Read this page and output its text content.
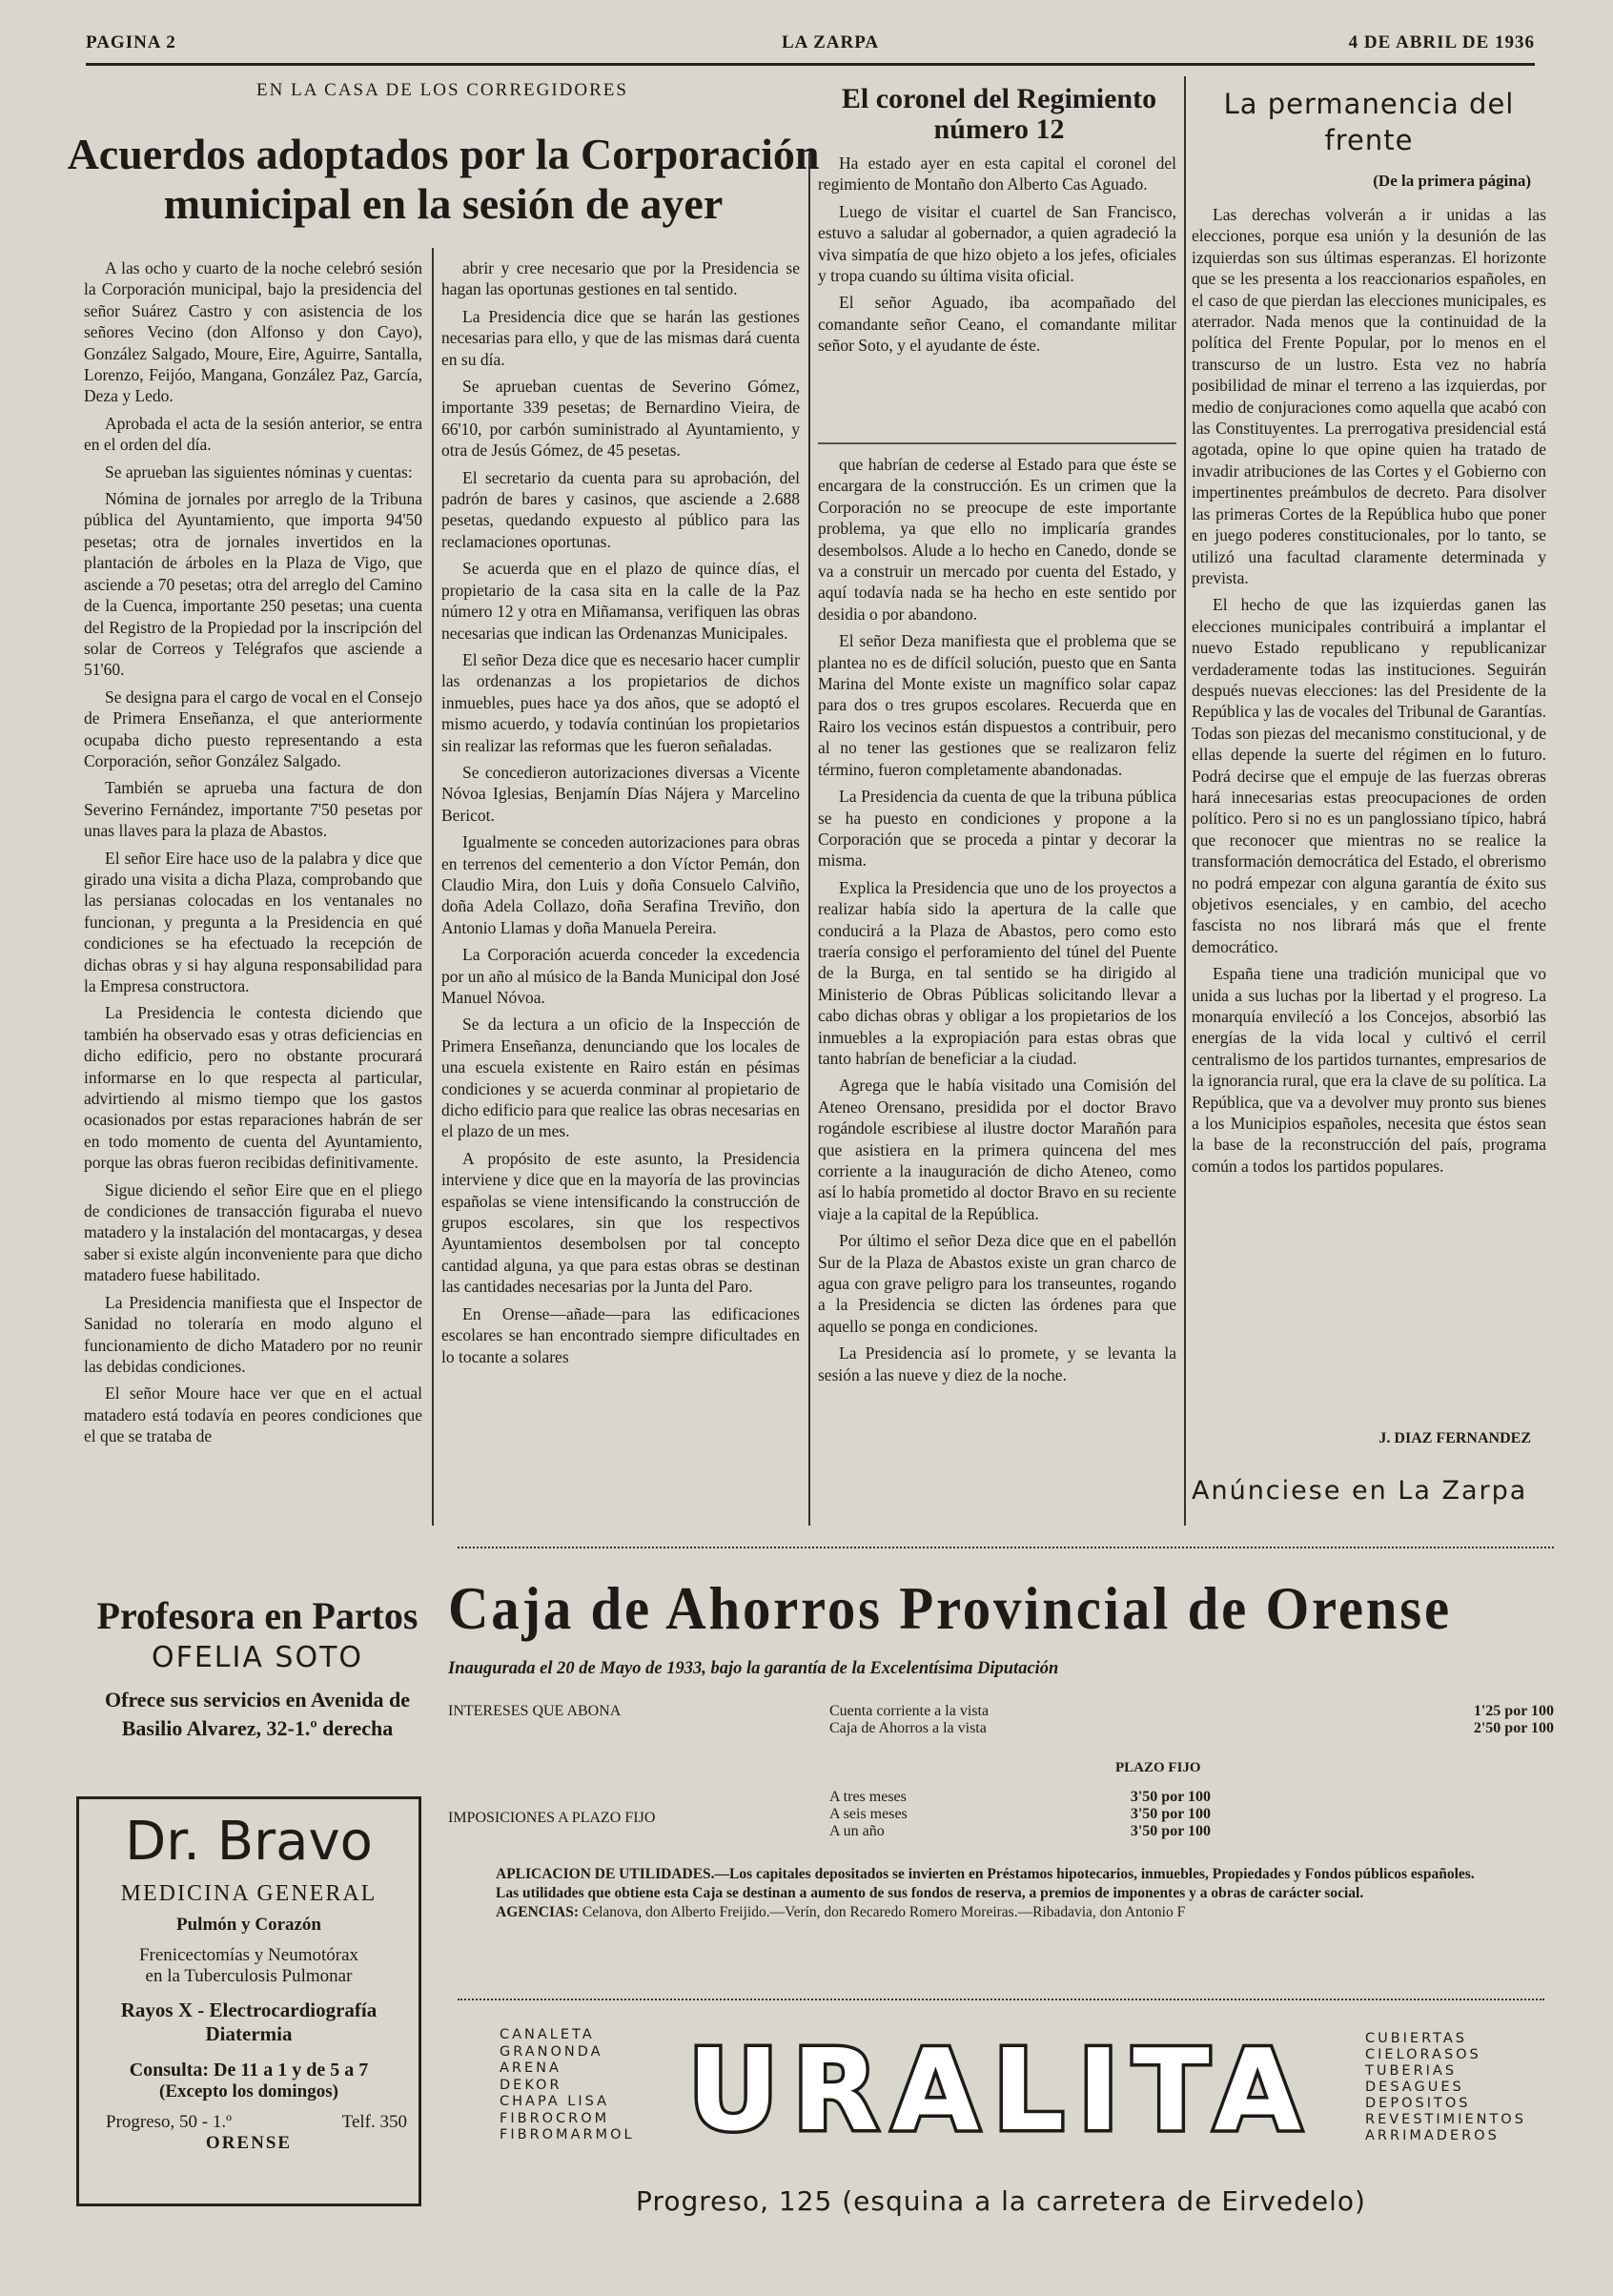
PAGINA 2	LA ZARPA	4 DE ABRIL DE 1936
EN LA CASA DE LOS CORREGIDORES
Acuerdos adoptados por la Corporación municipal en la sesión de ayer

A las ocho y cuarto de la noche celebró sesión la Corporación municipal, bajo la presidencia del señor Suárez Castro y con asistencia de los señores Vecino (don Alfonso y don Cayo), González Salgado, Moure, Eire, Aguirre, Santalla, Lorenzo, Feijóo, Mangana, González Paz, García, Deza y Ledo.

Aprobada el acta de la sesión anterior, se entra en el orden del día.

Se aprueban las siguientes nóminas y cuentas:

Nómina de jornales por arreglo de la Tribuna pública del Ayuntamiento, que importa 94'50 pesetas; otra de jornales invertidos en la plantación de árboles en la Plaza de Vigo, que asciende a 70 pesetas; otra del arreglo del Camino de la Cuenca, importante 250 pesetas; una cuenta del Registro de la Propiedad por la inscripción del solar de Correos y Telégrafos que asciende a 51'60.

Se designa para el cargo de vocal en el Consejo de Primera Enseñanza, el que anteriormente ocupaba dicho puesto representando a esta Corporación, señor González Salgado.

También se aprueba una factura de don Severino Fernández, importante 7'50 pesetas por unas llaves para la plaza de Abastos.

El señor Eire hace uso de la palabra y dice que girado una visita a dicha Plaza, comprobando que las persianas colocadas en los ventanales no funcionan, y pregunta a la Presidencia en qué condiciones se ha efectuado la recepción de dichas obras y si hay alguna responsabilidad para la Empresa constructora.

La Presidencia le contesta diciendo que también ha observado esas y otras deficiencias en dicho edificio, pero no obstante procurará informarse en lo que respecta al particular, advirtiendo al mismo tiempo que los gastos ocasionados por estas reparaciones habrán de ser en todo momento de cuenta del Ayuntamiento, porque las obras fueron recibidas definitivamente.

Sigue diciendo el señor Eire que en el pliego de condiciones de transacción figuraba el nuevo matadero y la instalación del montacargas, y desea saber si existe algún inconveniente para que dicho matadero fuese habilitado.

La Presidencia manifiesta que el Inspector de Sanidad no toleraría en modo alguno el funcionamiento de dicho Matadero por no reunir las debidas condiciones.

El señor Moure hace ver que en el actual matadero está todavía en peores condiciones que el que se trataba de

abrir y cree necesario que por la Presidencia se hagan las oportunas gestiones en tal sentido.

La Presidencia dice que se harán las gestiones necesarias para ello, y que de las mismas dará cuenta en su día.

Se aprueban cuentas de Severino Gómez, importante 339 pesetas; de Bernardino Vieira, de 66'10, por carbón suministrado al Ayuntamiento, y otra de Jesús Gómez, de 45 pesetas.

El secretario da cuenta para su aprobación, del padrón de bares y casinos, que asciende a 2.688 pesetas, quedando expuesto al público para las reclamaciones oportunas.

Se acuerda que en el plazo de quince días, el propietario de la casa sita en la calle de la Paz número 12 y otra en Miñamansa, verifiquen las obras necesarias que indican las Ordenanzas Municipales.

El señor Deza dice que es necesario hacer cumplir las ordenanzas a los propietarios de dichos inmuebles, pues hace ya dos años, que se adoptó el mismo acuerdo, y todavía continúan los propietarios sin realizar las reformas que les fueron señaladas.

Se concedieron autorizaciones diversas a Vicente Nóvoa Iglesias, Benjamín Días Nájera y Marcelino Bericot.

Igualmente se conceden autorizaciones para obras en terrenos del cementerio a don Víctor Pemán, don Claudio Mira, don Luis y doña Consuelo Calviño, doña Adela Collazo, doña Serafina Treviño, don Antonio Llamas y doña Manuela Pereira.

La Corporación acuerda conceder la excedencia por un año al músico de la Banda Municipal don José Manuel Nóvoa.

Se da lectura a un oficio de la Inspección de Primera Enseñanza, denunciando que los locales de una escuela existente en Rairo están en pésimas condiciones y se acuerda conminar al propietario de dicho edificio para que realice las obras necesarias en el plazo de un mes.

A propósito de este asunto, la Presidencia interviene y dice que en la mayoría de las provincias españolas se viene intensificando la construcción de grupos escolares, sin que los respectivos Ayuntamientos desembolsen por tal concepto cantidad alguna, ya que para estas obras se destinan las cantidades necesarias por la Junta del Paro.

En Orense—añade—para las edificaciones escolares se han encontrado siempre dificultades en lo tocante a solares

El coronel del Regimiento número 12

Ha estado ayer en esta capital el coronel del regimiento de Montaño don Alberto Cas Aguado.

Luego de visitar el cuartel de San Francisco, estuvo a saludar al gobernador, a quien agradeció la viva simpatía de que hizo objeto a los jefes, oficiales y tropa cuando su última visita oficial.

El señor Aguado, iba acompañado del comandante señor Ceano, el comandante militar señor Soto, y el ayudante de éste.

que habrían de cederse al Estado para que éste se encargara de la construcción. Es un crimen que la Corporación no se preocupe de este importante problema, ya que ello no implicaría grandes desembolsos. Alude a lo hecho en Canedo, donde se va a construir un mercado por cuenta del Estado, y aquí todavía nada se ha hecho en este sentido por desidia o por abandono.

El señor Deza manifiesta que el problema que se plantea no es de difícil solución, puesto que en Santa Marina del Monte existe un magnífico solar capaz para dos o tres grupos escolares. Recuerda que en Rairo los vecinos están dispuestos a contribuir, pero al no tener las gestiones que se realizaron feliz término, fueron completamente abandonadas.

La Presidencia da cuenta de que la tribuna pública se ha puesto en condiciones y propone a la Corporación que se proceda a pintar y decorar la misma.

Explica la Presidencia que uno de los proyectos a realizar había sido la apertura de la calle que conducirá a la Plaza de Abastos, pero como esto traería consigo el perforamiento del túnel del Puente de la Burga, en tal sentido se ha dirigido al Ministerio de Obras Públicas solicitando llevar a cabo dichas obras y obligar a los propietarios de los inmuebles a la expropiación para estas obras que tanto habrían de beneficiar a la ciudad.

Agrega que le había visitado una Comisión del Ateneo Orensano, presidida por el doctor Bravo rogándole escribiese al ilustre doctor Marañón para que asistiera en la primera quincena del mes corriente a la inauguración de dicho Ateneo, como así lo había prometido al doctor Bravo en su reciente viaje a la capital de la República.

Por último el señor Deza dice que en el pabellón Sur de la Plaza de Abastos existe un gran charco de agua con grave peligro para los transeuntes, rogando a la Presidencia se dicten las órdenes para que aquello se ponga en condiciones.

La Presidencia así lo promete, y se levanta la sesión a las nueve y diez de la noche.

La permanencia del frente
(De la primera página)

Las derechas volverán a ir unidas a las elecciones, porque esa unión y la desunión de las izquierdas son sus últimas esperanzas. El horizonte que se les presenta a los reaccionarios españoles, en el caso de que pierdan las elecciones municipales, es aterrador. Nada menos que la continuidad de la política del Frente Popular, por lo menos en el transcurso de un lustro. Esta vez no habría posibilidad de minar el terreno a las izquierdas, por medio de conjuraciones como aquella que acabó con las Constituyentes. La prerrogativa presidencial está agotada, opine lo que opine quien ha tratado de invadir atribuciones de las Cortes y el Gobierno con impertinentes preámbulos de decreto. Para disolver las primeras Cortes de la República hubo que poner en juego poderes constitucionales, por lo tanto, se utilizó una facultad claramente determinada y prevista.

El hecho de que las izquierdas ganen las elecciones municipales contribuirá a implantar el nuevo Estado republicano y republicanizar verdaderamente todas las instituciones. Seguirán después nuevas elecciones: las del Presidente de la República y las de vocales del Tribunal de Garantías. Todas son piezas del mecanismo constitucional, y de ellas depende la suerte del régimen en lo futuro. Podrá decirse que el empuje de las fuerzas obreras hará innecesarias estas preocupaciones de orden político. Pero si no es un panglossiano típico, habrá que reconocer que mientras no se realice la transformación democrática del Estado, el obrerismo no podrá empezar con alguna garantía de éxito sus objetivos esenciales, y en cambio, del acecho fascista no nos librará más que el frente democrático.

España tiene una tradición municipal que vo unida a sus luchas por la libertad y el progreso. La monarquía envilecíó a los Concejos, absorbió las energías de la vida local y cultivó el cerril centralismo de los partidos turnantes, empresarios de la ignorancia rural, que era la clave de su política. La República, que va a devolver muy pronto sus bienes a los Municipios españoles, necesita que éstos sean la base de la reconstrucción del país, programa común a todos los partidos populares.

J. DIAZ FERNANDEZ
Anúnciese en La Zarpa
Profesora en Partos
OFELIA SOTO
Ofrece sus servicios en Avenida de Basilio Alvarez, 32-1.º derecha
Dr. Bravo
MEDICINA GENERAL
Pulmón y Corazón
Frenicectomías y Neumotórax
en la Tuberculosis Pulmonar
Rayos X - Electrocardiografía
Diatermia
Consulta: De 11 a 1 y de 5 a 7
(Excepto los domingos)
Progreso, 50 - 1.º	Telf. 350
ORENSE
Caja de Ahorros Provincial de Orense
Inaugurada el 20 de Mayo de 1933, bajo la garantía de la Excelentísima Diputación
INTERESES QUE ABONA	Cuenta corriente a la vista	1'25 por 100
Caja de Ahorros a la vista	2'50 por 100
PLAZO FIJO
IMPOSICIONES A PLAZO FIJO
A tres meses	3'50 por 100
A seis meses	3'50 por 100
A un año	3'50 por 100
APLICACION DE UTILIDADES.—Los capitales depositados se invierten en Préstamos hipotecarios, inmuebles, Propiedades y Fondos públicos españoles.
Las utilidades que obtiene esta Caja se destinan a aumento de sus fondos de reserva, a premios de imponentes y a obras de carácter social.
AGENCIAS: Celanova, don Alberto Freijido.—Verín, don Recaredo Romero Moreiras.—Ribadavia, don Antonio F
CANALETA
GRANONDA
ARENA
DEKOR
CHAPA LISA
FIBROCROM
FIBROMARMOL URALITA	CUBIERTAS
CIELORASOS
TUBERIAS
DESAGUES
DEPOSITOS
REVESTIMIENTOS
ARRIMADEROS
Progreso, 125 (esquina a la carretera de Eirvedelo)
